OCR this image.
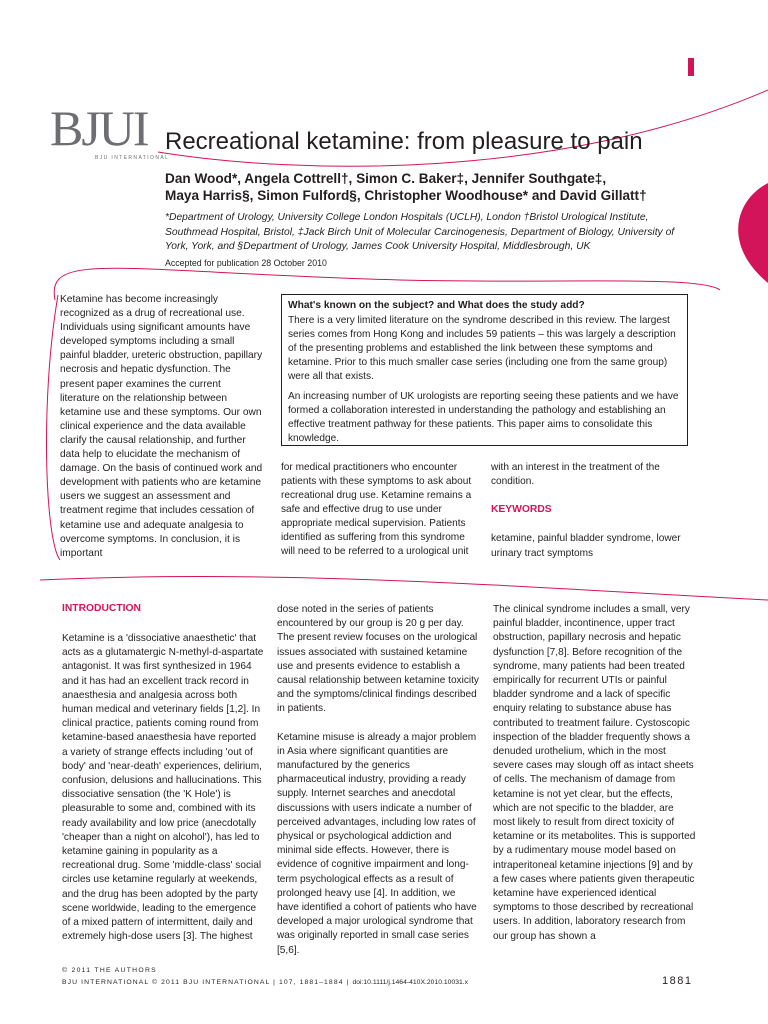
BJUI
BJU INTERNATIONAL
Recreational ketamine: from pleasure to pain
Dan Wood*, Angela Cottrell†, Simon C. Baker‡, Jennifer Southgate‡,
Maya Harris§, Simon Fulford§, Christopher Woodhouse* and David Gillatt†
*Department of Urology, University College London Hospitals (UCLH), London †Bristol Urological Institute, Southmead Hospital, Bristol, ‡Jack Birch Unit of Molecular Carcinogenesis, Department of Biology, University of York, York, and §Department of Urology, James Cook University Hospital, Middlesbrough, UK
Accepted for publication 28 October 2010
Ketamine has become increasingly recognized as a drug of recreational use. Individuals using significant amounts have developed symptoms including a small painful bladder, ureteric obstruction, papillary necrosis and hepatic dysfunction. The present paper examines the current literature on the relationship between ketamine use and these symptoms. Our own clinical experience and the data available clarify the causal relationship, and further data help to elucidate the mechanism of damage. On the basis of continued work and development with patients who are ketamine users we suggest an assessment and treatment regime that includes cessation of ketamine use and adequate analgesia to overcome symptoms. In conclusion, it is important
What's known on the subject? and What does the study add?

There is a very limited literature on the syndrome described in this review. The largest series comes from Hong Kong and includes 59 patients – this was largely a description of the presenting problems and established the link between these symptoms and ketamine. Prior to this much smaller case series (including one from the same group) were all that exists.

An increasing number of UK urologists are reporting seeing these patients and we have formed a collaboration interested in understanding the pathology and establishing an effective treatment pathway for these patients. This paper aims to consolidate this knowledge.

for medical practitioners who encounter patients with these symptoms to ask about recreational drug use. Ketamine remains a safe and effective drug to use under appropriate medical supervision. Patients identified as suffering from this syndrome will need to be referred to a urological unit
with an interest in the treatment of the condition.
KEYWORDS
ketamine, painful bladder syndrome, lower urinary tract symptoms
INTRODUCTION

Ketamine is a 'dissociative anaesthetic' that acts as a glutamatergic N-methyl-d-aspartate antagonist. It was first synthesized in 1964 and it has had an excellent track record in anaesthesia and analgesia across both human medical and veterinary fields [1,2]. In clinical practice, patients coming round from ketamine-based anaesthesia have reported a variety of strange effects including 'out of body' and 'near-death' experiences, delirium, confusion, delusions and hallucinations. This dissociative sensation (the 'K Hole') is pleasurable to some and, combined with its ready availability and low price (anecdotally 'cheaper than a night on alcohol'), has led to ketamine gaining in popularity as a recreational drug. Some 'middle-class' social circles use ketamine regularly at weekends, and the drug has been adopted by the party scene worldwide, leading to the emergence of a mixed pattern of intermittent, daily and extremely high-dose users [3]. The highest

dose noted in the series of patients encountered by our group is 20 g per day. The present review focuses on the urological issues associated with sustained ketamine use and presents evidence to establish a causal relationship between ketamine toxicity and the symptoms/clinical findings described in patients.

Ketamine misuse is already a major problem in Asia where significant quantities are manufactured by the generics pharmaceutical industry, providing a ready supply. Internet searches and anecdotal discussions with users indicate a number of perceived advantages, including low rates of physical or psychological addiction and minimal side effects. However, there is evidence of cognitive impairment and long-term psychological effects as a result of prolonged heavy use [4]. In addition, we have identified a cohort of patients who have developed a major urological syndrome that was originally reported in small case series [5,6].

The clinical syndrome includes a small, very painful bladder, incontinence, upper tract obstruction, papillary necrosis and hepatic dysfunction [7,8]. Before recognition of the syndrome, many patients had been treated empirically for recurrent UTIs or painful bladder syndrome and a lack of specific enquiry relating to substance abuse has contributed to treatment failure. Cystoscopic inspection of the bladder frequently shows a denuded urothelium, which in the most severe cases may slough off as intact sheets of cells. The mechanism of damage from ketamine is not yet clear, but the effects, which are not specific to the bladder, are most likely to result from direct toxicity of ketamine or its metabolites. This is supported by a rudimentary mouse model based on intraperitoneal ketamine injections [9] and by a few cases where patients given therapeutic ketamine have experienced identical symptoms to those described by recreational users. In addition, laboratory research from our group has shown a

© 2011 THE AUTHORS
BJU INTERNATIONAL © 2011 BJU INTERNATIONAL | 107, 1881–1884 | doi:10.1111/j.1464-410X.2010.10031.x	1881
